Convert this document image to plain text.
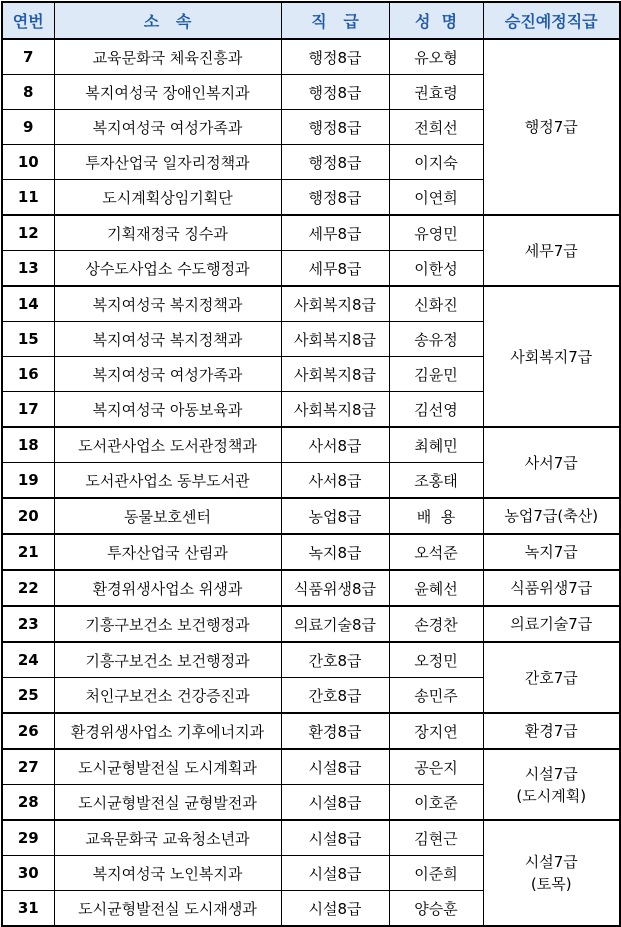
연번	소   속	직   급	성  명	승진예정직급
7	교육문화국 체육진흥과	행정8급	유오형	행정7급

8	복지여성국 장애인복지과	행정8급	권효령	
9	복지여성국 여성가족과	행정8급	전희선	
10	투자산업국 일자리정책과	행정8급	이지숙	
11	도시계획상임기획단	행정8급	이연희	
12	기획재정국 징수과	세무8급	유영민	세무7급

13	상수도사업소 수도행정과	세무8급	이한성	
14	복지여성국 복지정책과	사회복지8급	신화진	사회복지7급

15	복지여성국 복지정책과	사회복지8급	송유정	
16	복지여성국 여성가족과	사회복지8급	김윤민	
17	복지여성국 아동보육과	사회복지8급	김선영	
18	도서관사업소 도서관정책과	사서8급	최혜민	사서7급

19	도서관사업소 동부도서관	사서8급	조홍태	
20	동물보호센터	농업8급	배  용	농업7급(축산)

21	투자산업국 산림과	녹지8급	오석준	녹지7급

22	환경위생사업소 위생과	식품위생8급	윤혜선	식품위생7급

23	기흥구보건소 보건행정과	의료기술8급	손경찬	의료기술7급

24	기흥구보건소 보건행정과	간호8급	오정민	간호7급

25	처인구보건소 건강증진과	간호8급	송민주	
26	환경위생사업소 기후에너지과	환경8급	장지연	환경7급

27	도시균형발전실 도시계획과	시설8급	공은지	시설7급
(도시계획)

28	도시균형발전실 균형발전과	시설8급	이호준	
29	교육문화국 교육청소년과	시설8급	김현근	시설7급
(토목)

30	복지여성국 노인복지과	시설8급	이준희	
31	도시균형발전실 도시재생과	시설8급	양승훈	
